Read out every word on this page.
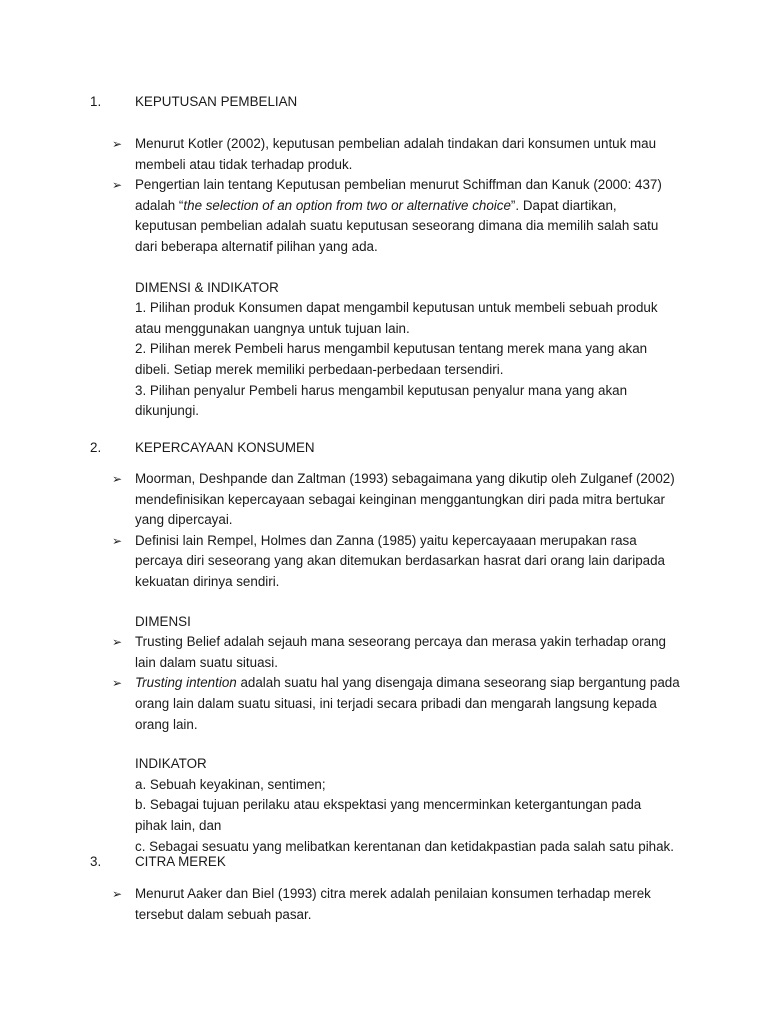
1.	KEPUTUSAN PEMBELIAN
➢ Menurut Kotler (2002), keputusan pembelian adalah tindakan dari konsumen untuk mau membeli atau tidak terhadap produk.
➢ Pengertian lain tentang Keputusan pembelian menurut Schiffman dan Kanuk (2000: 437) adalah “the selection of an option from two or alternative choice”. Dapat diartikan, keputusan pembelian adalah suatu keputusan seseorang dimana dia memilih salah satu dari beberapa alternatif pilihan yang ada.

DIMENSI & INDIKATOR

1. Pilihan produk Konsumen dapat mengambil keputusan untuk membeli sebuah produk atau menggunakan uangnya untuk tujuan lain.

2. Pilihan merek Pembeli harus mengambil keputusan tentang merek mana yang akan dibeli. Setiap merek memiliki perbedaan-perbedaan tersendiri.

3. Pilihan penyalur Pembeli harus mengambil keputusan penyalur mana yang akan dikunjungi.

2.	KEPERCAYAAN KONSUMEN
➢ Moorman, Deshpande dan Zaltman (1993) sebagaimana yang dikutip oleh Zulganef (2002) mendefinisikan kepercayaan sebagai keinginan menggantungkan diri pada mitra bertukar yang dipercayai.
➢ Definisi lain Rempel, Holmes dan Zanna (1985) yaitu kepercayaaan merupakan rasa percaya diri seseorang yang akan ditemukan berdasarkan hasrat dari orang lain daripada kekuatan dirinya sendiri.

DIMENSI

➢ Trusting Belief adalah sejauh mana seseorang percaya dan merasa yakin terhadap orang lain dalam suatu situasi.
➢ Trusting intention adalah suatu hal yang disengaja dimana seseorang siap bergantung pada orang lain dalam suatu situasi, ini terjadi secara pribadi dan mengarah langsung kepada orang lain.

INDIKATOR

a. Sebuah keyakinan, sentimen;

b. Sebagai tujuan perilaku atau ekspektasi yang mencerminkan ketergantungan pada pihak lain, dan

c. Sebagai sesuatu yang melibatkan kerentanan dan ketidakpastian pada salah satu pihak.

3.	CITRA MEREK
➢ Menurut Aaker dan Biel (1993) citra merek adalah penilaian konsumen terhadap merek tersebut dalam sebuah pasar.
